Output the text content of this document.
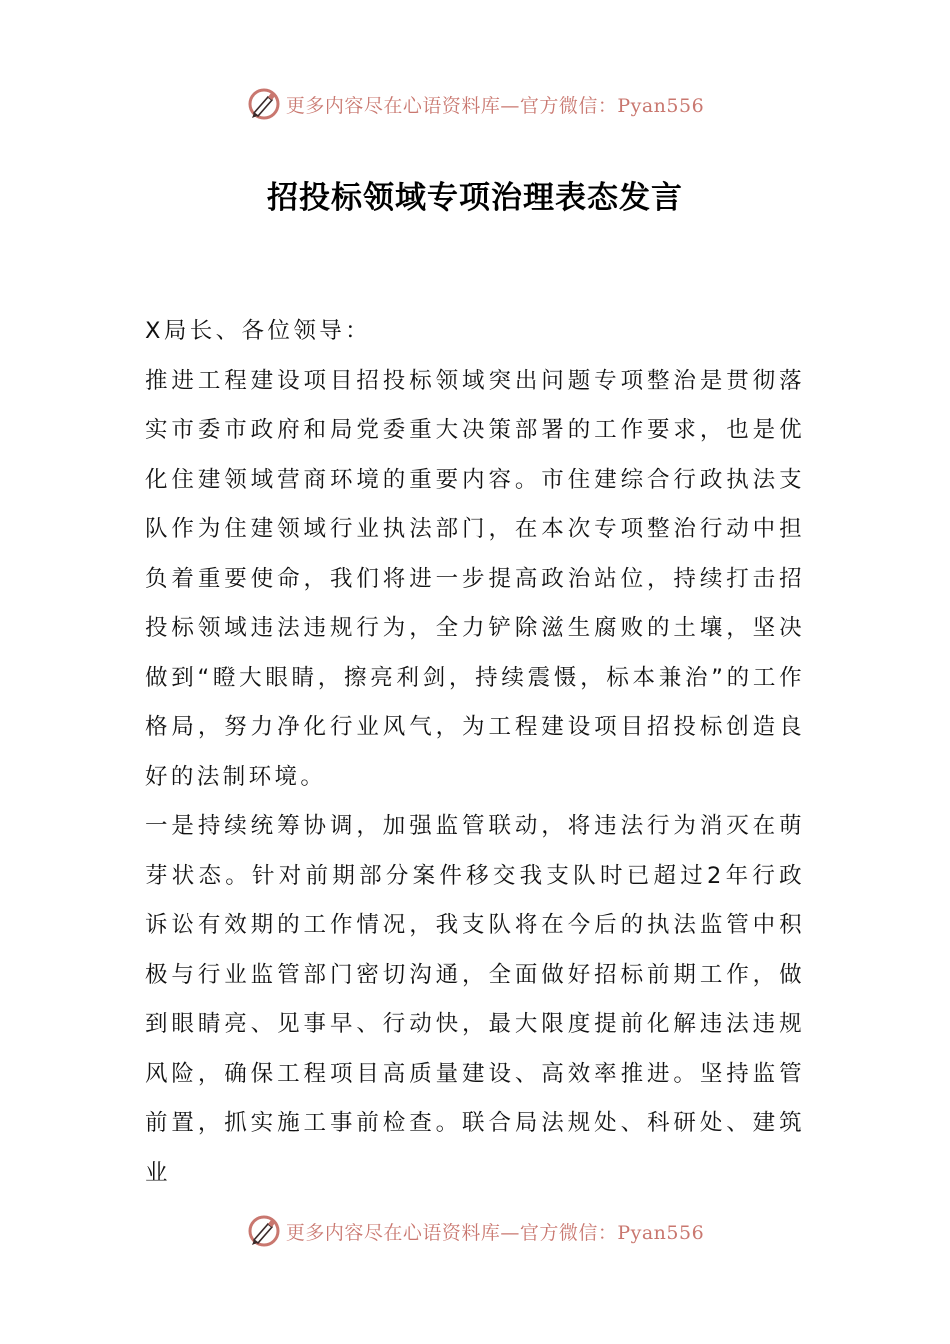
更多内容尽在心语资料库—官方微信：Pyan556
招投标领域专项治理表态发言

X局长、各位领导：

推进工程建设项目招投标领域突出问题专项整治是贯彻落实市委市政府和局党委重大决策部署的工作要求，也是优化住建领域营商环境的重要内容。市住建综合行政执法支队作为住建领域行业执法部门，在本次专项整治行动中担负着重要使命，我们将进一步提高政治站位，持续打击招投标领域违法违规行为，全力铲除滋生腐败的土壤，坚决做到“瞪大眼睛，擦亮利剑，持续震慑，标本兼治”的工作格局，努力净化行业风气，为工程建设项目招投标创造良好的法制环境。

一是持续统筹协调，加强监管联动，将违法行为消灭在萌芽状态。针对前期部分案件移交我支队时已超过2年行政诉讼有效期的工作情况，我支队将在今后的执法监管中积极与行业监管部门密切沟通，全面做好招标前期工作，做到眼睛亮、见事早、行动快，最大限度提前化解违法违规风险，确保工程项目高质量建设、高效率推进。坚持监管前置，抓实施工事前检查。联合局法规处、科研处、建筑业

更多内容尽在心语资料库—官方微信：Pyan556
